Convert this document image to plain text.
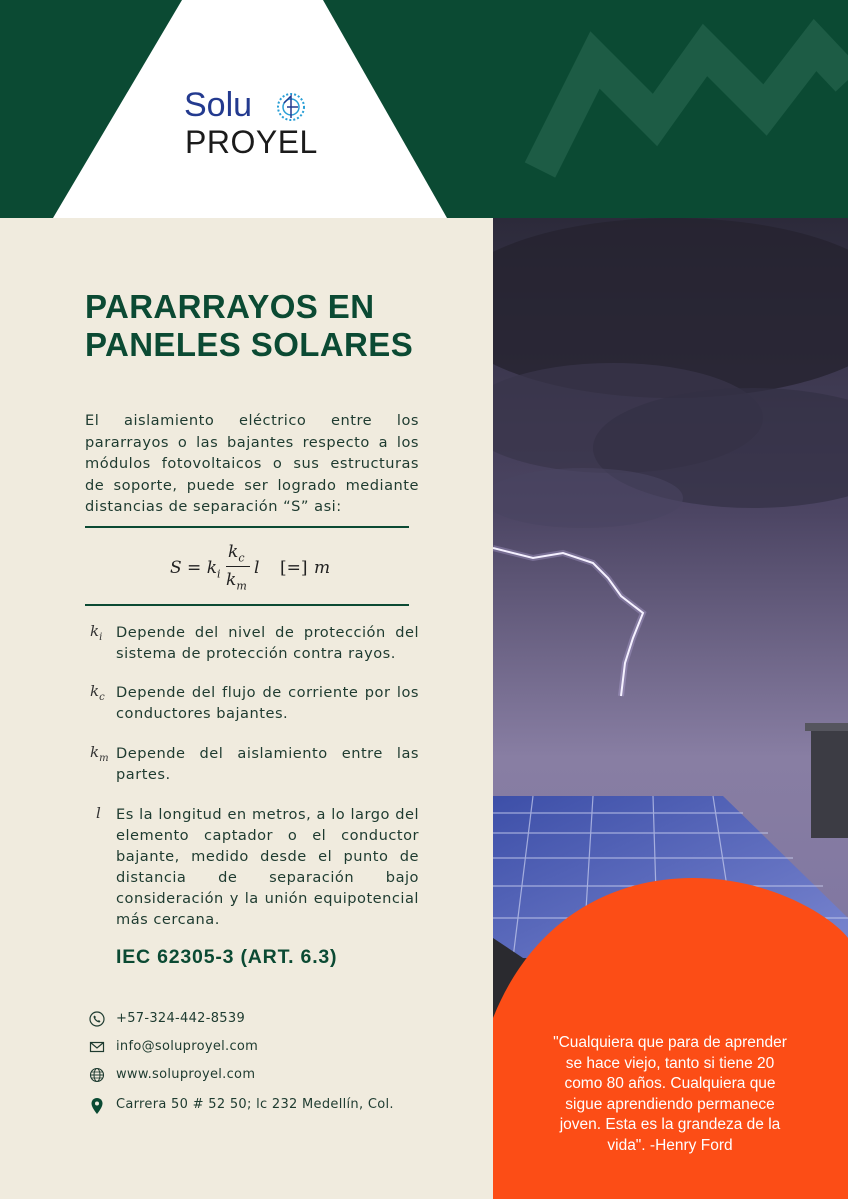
Solu
PROYEL
"Cualquiera que para de aprender se hace viejo, tanto si tiene 20 como 80 años. Cualquiera que sigue aprendiendo permanece joven. Esta es la grandeza de la vida". -Henry Ford
PARARRAYOS EN PANELES SOLARES

El aislamiento eléctrico entre los pararrayos o las bajantes respecto a los módulos fotovoltaicos o sus estructuras de soporte, puede ser logrado mediante distancias de separación “S” asi:

$S = k_i$
$k_c$
$k_m$
l [=] m
$k_i$ Depende del nivel de protección del sistema de protección contra rayos.

$k_c$ Depende del flujo de corriente por los conductores bajantes.

$k_m$ Depende del aislamiento entre las partes.

l	Es la longitud en metros, a lo largo del elemento captador o el conductor bajante, medido desde el punto de distancia de separación bajo consideración y la unión equipotencial más cercana.

IEC 62305-3 (ART. 6.3)
+57-324-442-8539
info@soluproyel.com
www.soluproyel.com
Carrera 50 # 52 50; lc 232 Medellín, Col.
